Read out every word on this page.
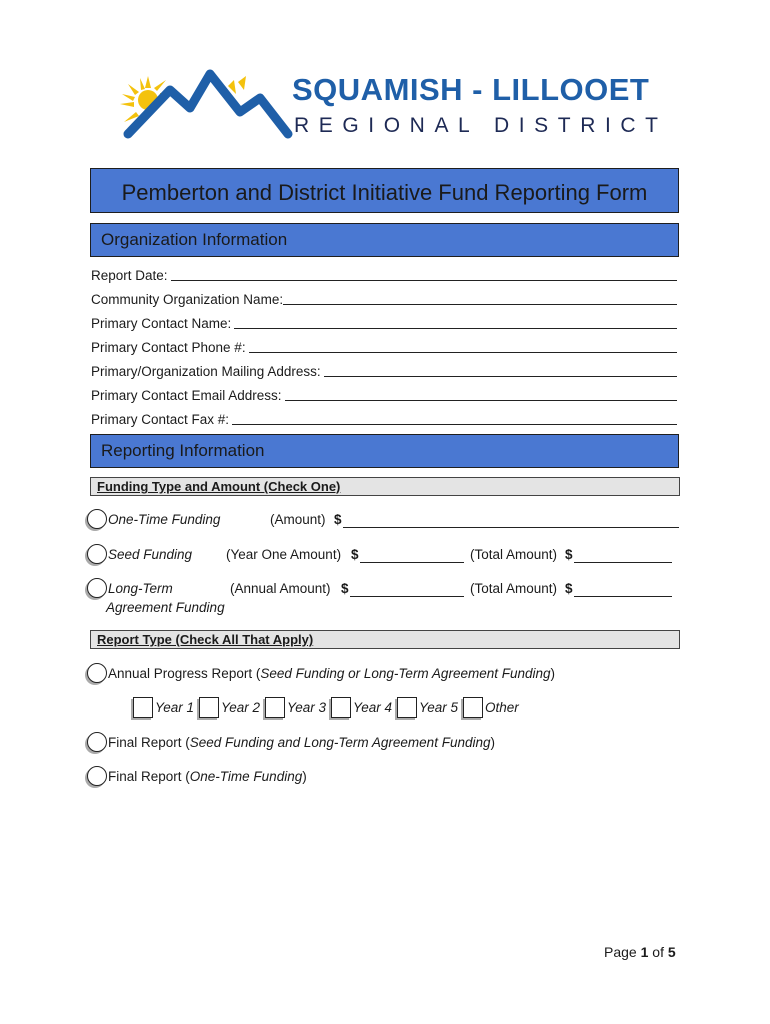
SQUAMISH - LILLOOET
REGIONAL DISTRICT
Pemberton and District Initiative Fund Reporting Form
Organization Information
Report Date:
Community Organization Name:
Primary Contact Name:
Primary Contact Phone #:
Primary/Organization Mailing Address:
Primary Contact Email Address:
Primary Contact Fax #:
Reporting Information
Funding Type and Amount (Check One)
One-Time Funding	(Amount) $
Seed Funding	(Year One Amount) $	(Total Amount) $
Long-Term
Agreement Funding
(Annual Amount) $	(Total Amount) $
Report Type (Check All That Apply)
Annual Progress Report (Seed Funding or Long-Term Agreement Funding)
Year 1 Year 2 Year 3 Year 4 Year 5 Other
Final Report (Seed Funding and Long-Term Agreement Funding)
Final Report (One-Time Funding)
Page 1 of 5
